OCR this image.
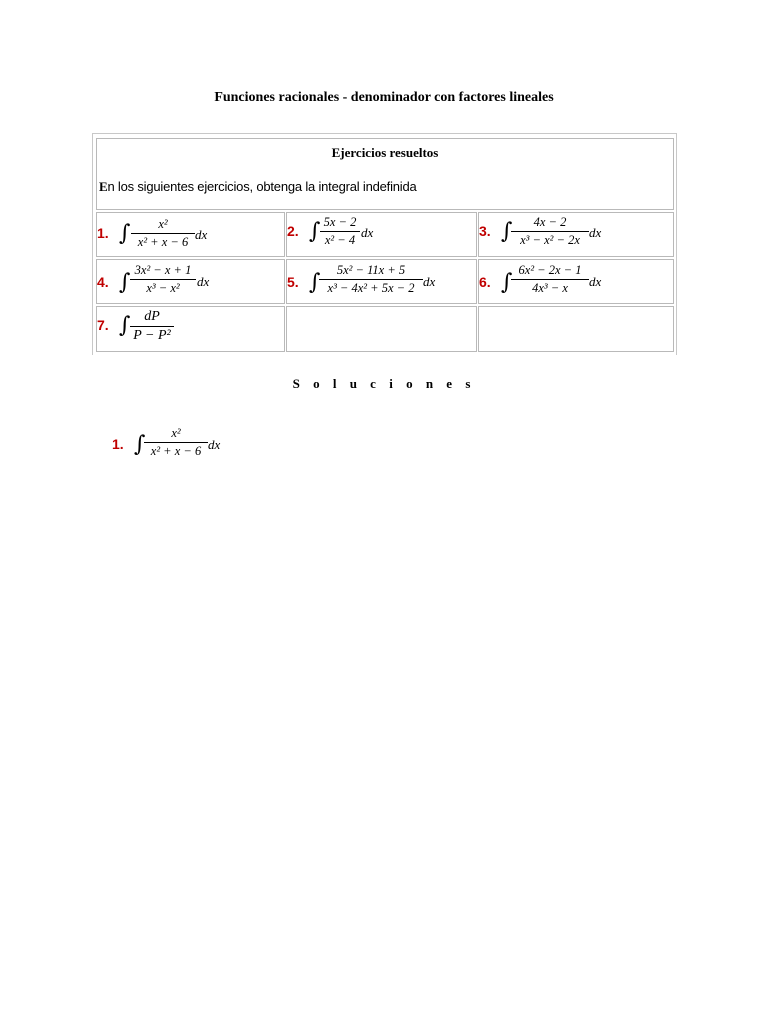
Funciones racionales - denominador con factores lineales
Ejercicios resueltos
En los siguientes ejercicios, obtenga la integral indefinida
1. ∫	x²
x² + x − 6 dx	2. ∫ 5x − 2
x² − 4 dx	3. ∫	4x − 2
x³ − x² − 2x dx
4. ∫ 3x² − x + 1
x³ − x²	dx	5. ∫	5x² − 11x + 5
x³ − 4x² + 5x − 2 dx	6. ∫ 6x² − 2x − 1
4x³ − x	dx
7. ∫ dP
P − P²
S o l u c i o n e s
1. ∫	x²
x² + x − 6 dx
